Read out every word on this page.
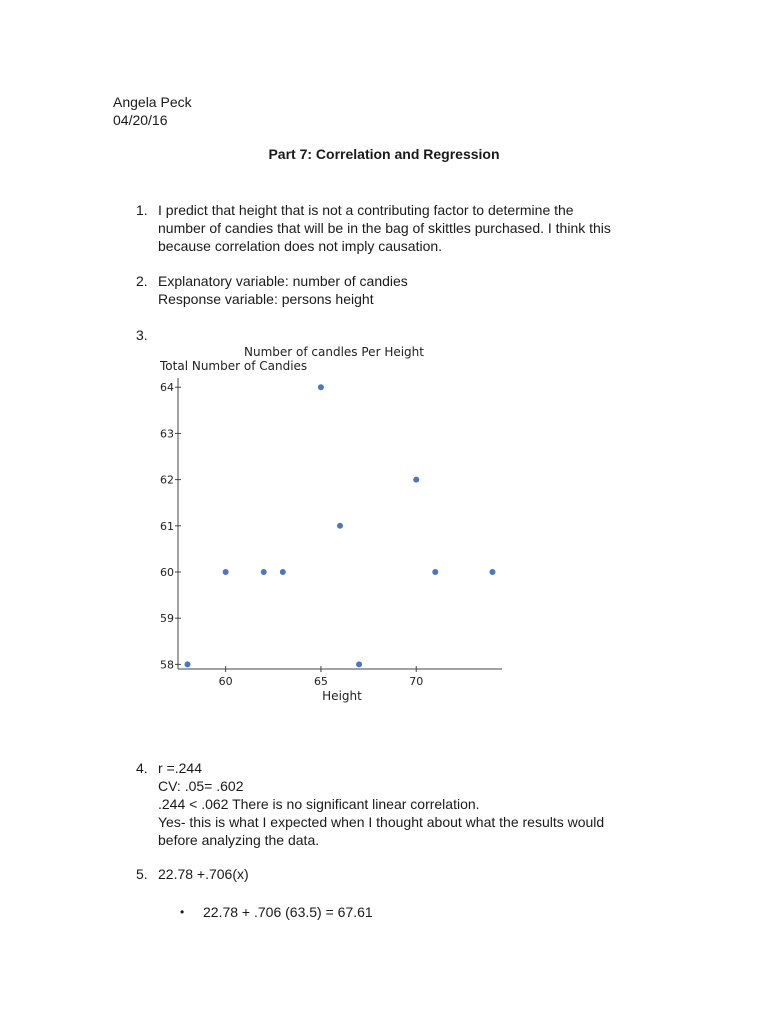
Angela Peck
04/20/16
Part 7: Correlation and Regression
1. I predict that height that is not a contributing factor to determine the
number of candies that will be in the bag of skittles purchased. I think this
because correlation does not imply causation.
2. Explanatory variable: number of candies
Response variable: persons height
3.
Number of candles Per Height
Total Number of Candies
Height
58
59
60
61
62
63
64
60	65	70
4. r =.244
CV: .05= .602
.244 < .062 There is no significant linear correlation.
Yes- this is what I expected when I thought about what the results would
before analyzing the data.
5. 22.78 +.706(x)
• 22.78 + .706 (63.5) = 67.61
